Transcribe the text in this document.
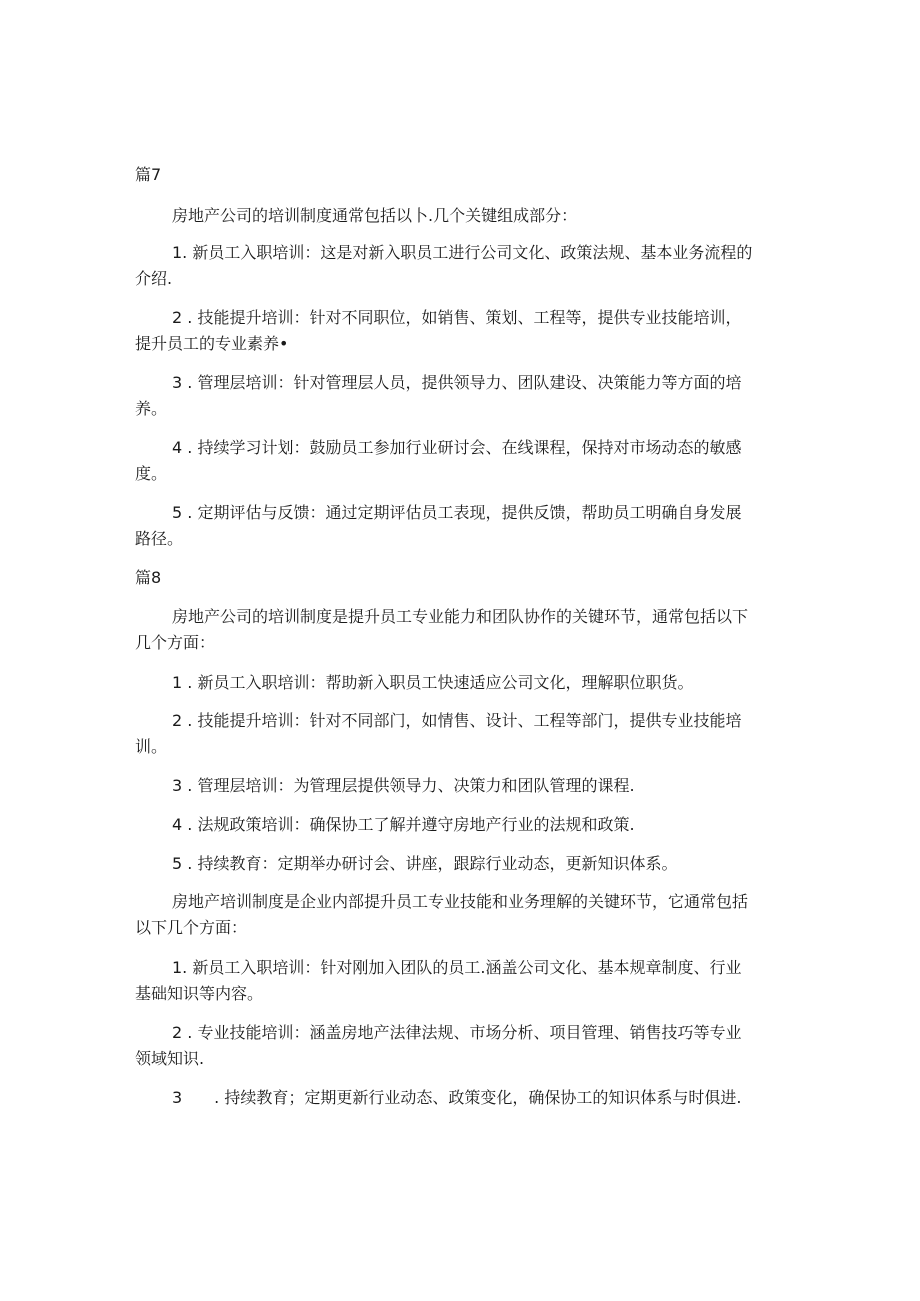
篇7

房地产公司的培训制度通常包括以卜.几个关键组成部分：

1. 新员工入职培训：这是对新入职员工进行公司文化、政策法规、基本业务流程的

介绍.

2 . 技能提升培训：针对不同职位，如销售、策划、工程等，提供专业技能培训，

提升员工的专业素养•

3 . 管理层培训：针对管理层人员，提供领导力、团队建设、决策能力等方面的培

养。

4 . 持续学习计划：鼓励员工参加行业研讨会、在线课程，保持对市场动态的敏感

度。

5 . 定期评估与反馈：通过定期评估员工表现，提供反馈，帮助员工明确自身发展

路径。

篇8

房地产公司的培训制度是提升员工专业能力和团队协作的关键环节，通常包括以下

几个方面：

1 . 新员工入职培训：帮助新入职员工快速适应公司文化，理解职位职货。

2 . 技能提升培训：针对不同部门，如情售、设计、工程等部门，提供专业技能培

训。

3 . 管理层培训：为管理层提供领导力、决策力和团队管理的课程.

4 . 法规政策培训：确保协工了解并遵守房地产行业的法规和政策.

5 . 持续教育：定期举办研讨会、讲座，跟踪行业动态，更新知识体系。

房地产培训制度是企业内部提升员工专业技能和业务理解的关键环节，它通常包括

以下几个方面：

1. 新员工入职培训：针对刚加入团队的员工.涵盖公司文化、基本规章制度、行业

基础知识等内容。

2 . 专业技能培训：涵盖房地产法律法规、市场分析、项目管理、销售技巧等专业

领域知识.

3　　. 持续教育；定期更新行业动态、政策变化，确保协工的知识体系与时俱进.
